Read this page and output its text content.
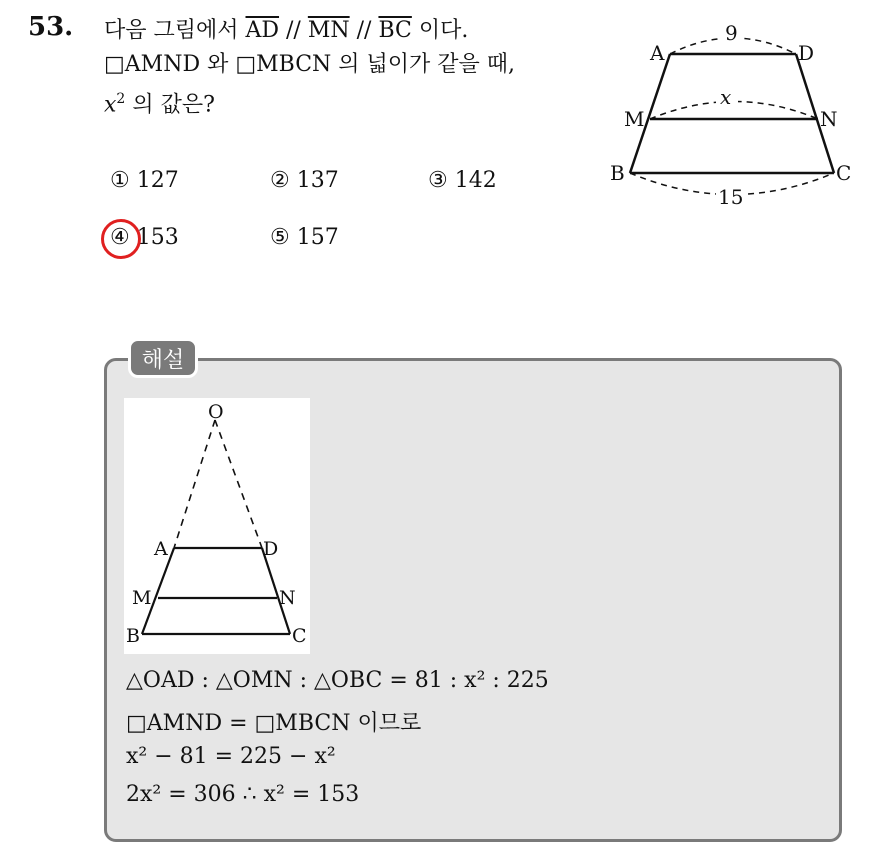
53. 다음 그림에서 $\overline{AD} // \overline{MN} // \overline{BC}$ 이다.
□AMND 와 □MBCN 의 넓이가 같을 때,
$x^2$ 의 값은?
① 127	② 137	③ 142
④ 153	⑤ 157
9
x
15
A	D
M	N
B	C
해설
O
A	D
M	N
B	C
△OAD : △OMN : △OBC = 81 : x² : 225
□AMND = □MBCN 이므로
x² − 81 = 225 − x²
2x² = 306 ∴ x² = 153
